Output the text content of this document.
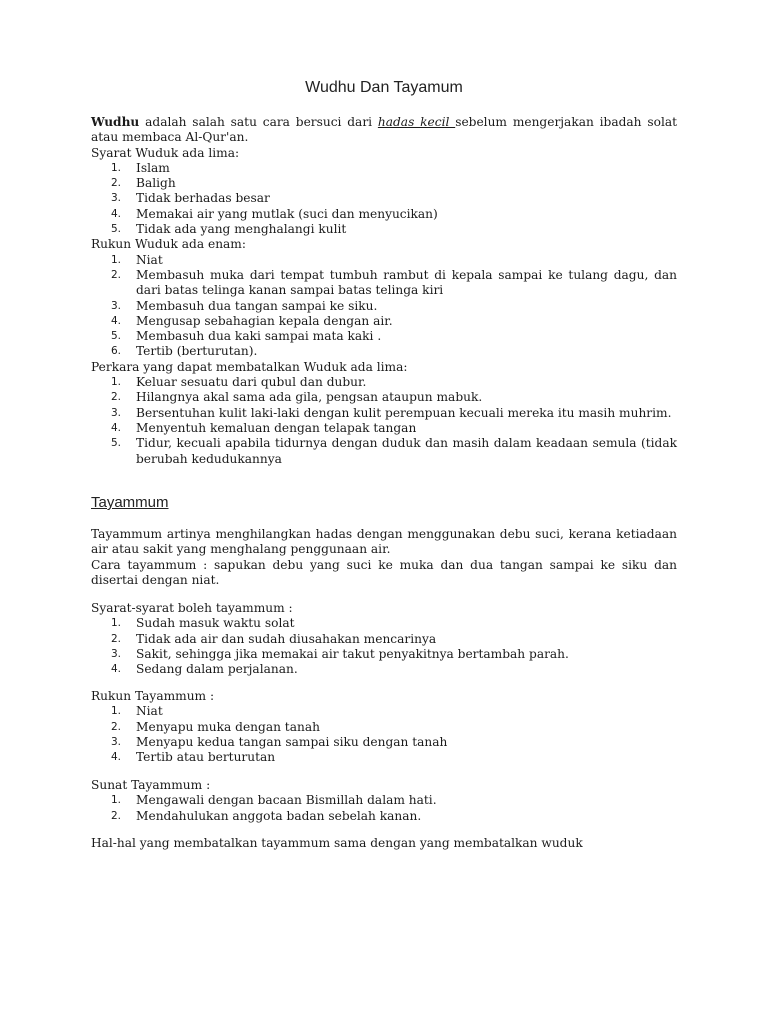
Wudhu Dan Tayamum

Wudhu adalah salah satu cara bersuci dari hadas kecil sebelum mengerjakan ibadah solat atau membaca Al-Qur'an.

Syarat Wuduk ada lima:

1. Islam
2. Baligh
3. Tidak berhadas besar
4. Memakai air yang mutlak (suci dan menyucikan)
5. Tidak ada yang menghalangi kulit

Rukun Wuduk ada enam:

1. Niat
2. Membasuh muka dari tempat tumbuh rambut di kepala sampai ke tulang dagu, dan dari batas telinga kanan sampai batas telinga kiri
3. Membasuh dua tangan sampai ke siku.
4. Mengusap sebahagian kepala dengan air.
5. Membasuh dua kaki sampai mata kaki .
6. Tertib (berturutan).

Perkara yang dapat membatalkan Wuduk ada lima:

1. Keluar sesuatu dari qubul dan dubur.
2. Hilangnya akal sama ada gila, pengsan ataupun mabuk.
3. Bersentuhan kulit laki-laki dengan kulit perempuan kecuali mereka itu masih muhrim.
4. Menyentuh kemaluan dengan telapak tangan
5. Tidur, kecuali apabila tidurnya dengan duduk dan masih dalam keadaan semula (tidak berubah kedudukannya
Tayammum

Tayammum artinya menghilangkan hadas dengan menggunakan debu suci, kerana ketiadaan air atau sakit yang menghalang penggunaan air.

Cara tayammum : sapukan debu yang suci ke muka dan dua tangan sampai ke siku dan disertai dengan niat.

Syarat-syarat boleh tayammum :

1. Sudah masuk waktu solat
2. Tidak ada air dan sudah diusahakan mencarinya
3. Sakit, sehingga jika memakai air takut penyakitnya bertambah parah.
4. Sedang dalam perjalanan.

Rukun Tayammum :

1. Niat
2. Menyapu muka dengan tanah
3. Menyapu kedua tangan sampai siku dengan tanah
4. Tertib atau berturutan

Sunat Tayammum :

1. Mengawali dengan bacaan Bismillah dalam hati.
2. Mendahulukan anggota badan sebelah kanan.

Hal-hal yang membatalkan tayammum sama dengan yang membatalkan wuduk
